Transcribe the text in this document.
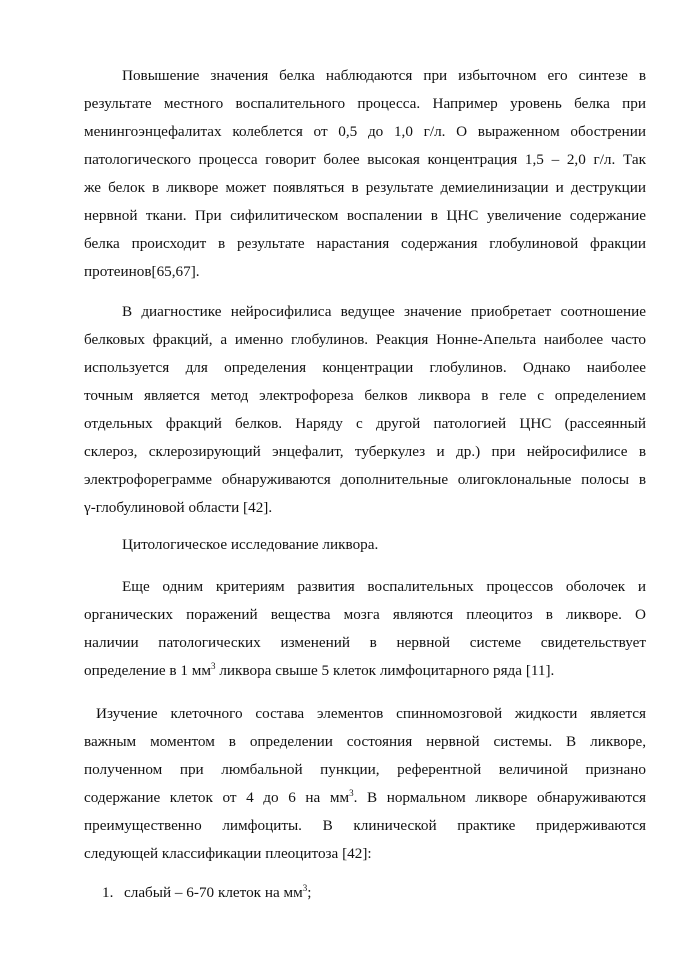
Повышение значения белка наблюдаются при избыточном его синтезе в
результате местного воспалительного процесса. Например уровень белка при
менингоэнцефалитах колеблется от 0,5 до 1,0 г/л. О выраженном обострении
патологического процесса говорит более высокая концентрация 1,5 – 2,0 г/л. Так
же белок в ликворе может появляться в результате демиелинизации и деструкции
нервной ткани. При сифилитическом воспалении в ЦНС увеличение содержание
белка происходит в результате нарастания содержания глобулиновой фракции
протеинов[65,67].

В диагностике нейросифилиса ведущее значение приобретает соотношение
белковых фракций, а именно глобулинов. Реакция Нонне-Апельта наиболее часто
используется для определения концентрации глобулинов. Однако наиболее
точным является метод электрофореза белков ликвора в геле с определением
отдельных фракций белков. Наряду с другой патологией ЦНС (рассеянный
склероз, склерозирующий энцефалит, туберкулез и др.) при нейросифилисе в
электрофореграмме обнаруживаются дополнительные олигоклональные полосы в
γ-глобулиновой области [42].

Цитологическое исследование ликвора.

Еще одним критериям развития воспалительных процессов оболочек и
органических поражений вещества мозга являются плеоцитоз в ликворе. О
наличии патологических изменений в нервной системе свидетельствует
определение в 1 $мм^3$ ликвора свыше 5 клеток лимфоцитарного ряда [11].

Изучение клеточного состава элементов спинномозговой жидкости является
важным моментом в определении состояния нервной системы. В ликворе,
полученном при люмбальной пункции, референтной величиной признано
содержание клеток от 4 до 6 на $мм^3$. В нормальном ликворе обнаруживаются
преимущественно лимфоциты. В клинической практике придерживаются
следующей классификации плеоцитоза [42]:

1. слабый – 6-70 клеток на $мм^3$;
